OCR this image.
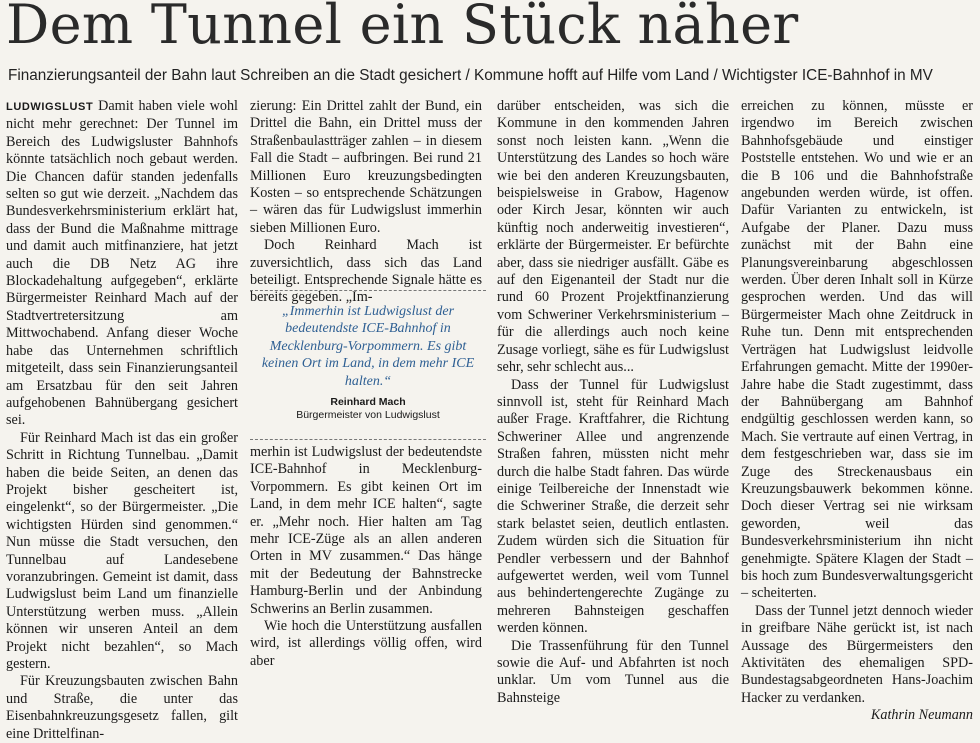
Dem Tunnel ein Stück näher
Finanzierungsanteil der Bahn laut Schreiben an die Stadt gesichert / Kommune hofft auf Hilfe vom Land / Wichtigster ICE-Bahnhof in MV

LUDWIGSLUST Damit haben viele wohl nicht mehr gerechnet: Der Tunnel im Bereich des Ludwigsluster Bahnhofs könnte tatsächlich noch gebaut werden. Die Chancen dafür standen jedenfalls selten so gut wie derzeit. „Nachdem das Bundesverkehrsministerium erklärt hat, dass der Bund die Maßnahme mittrage und damit auch mitfinanziere, hat jetzt auch die DB Netz AG ihre Blockadehaltung aufgegeben“, erklärte Bürgermeister Reinhard Mach auf der Stadtvertretersitzung am Mittwochabend. Anfang dieser Woche habe das Unternehmen schriftlich mitgeteilt, dass sein Finanzierungsanteil am Ersatzbau für den seit Jahren aufgehobenen Bahnübergang gesichert sei.

Für Reinhard Mach ist das ein großer Schritt in Richtung Tunnelbau. „Damit haben die beide Seiten, an denen das Projekt bisher gescheitert ist, eingelenkt“, so der Bürgermeister. „Die wichtigsten Hürden sind genommen.“ Nun müsse die Stadt versuchen, den Tunnelbau auf Landesebene voranzubringen. Gemeint ist damit, dass Ludwigslust beim Land um finanzielle Unterstützung werben muss. „Allein können wir unseren Anteil an dem Projekt nicht bezahlen“, so Mach gestern.

Für Kreuzungsbauten zwischen Bahn und Straße, die unter das Eisenbahnkreuzungsgesetz fallen, gilt eine Drittelfinan-

zierung: Ein Drittel zahlt der Bund, ein Drittel die Bahn, ein Drittel muss der Straßenbaulastträger zahlen – in diesem Fall die Stadt – aufbringen. Bei rund 21 Millionen Euro kreuzungsbedingten Kosten – so entsprechende Schätzungen – wären das für Ludwigslust immerhin sieben Millionen Euro.

Doch Reinhard Mach ist zuversichtlich, dass sich das Land beteiligt. Entsprechende Signale hätte es bereits gegeben. „Im-

„Immerhin ist Ludwigslust der bedeutendste ICE-Bahnhof in Mecklenburg-Vorpommern. Es gibt keinen Ort im Land, in dem mehr ICE halten.“
Reinhard Mach
Bürgermeister von Ludwigslust

merhin ist Ludwigslust der bedeutendste ICE-Bahnhof in Mecklenburg-Vorpommern. Es gibt keinen Ort im Land, in dem mehr ICE halten“, sagte er. „Mehr noch. Hier halten am Tag mehr ICE-Züge als an allen anderen Orten in MV zusammen.“ Das hänge mit der Bedeutung der Bahnstrecke Hamburg-Berlin und der Anbindung Schwerins an Berlin zusammen.

Wie hoch die Unterstützung ausfallen wird, ist allerdings völlig offen, wird aber

darüber entscheiden, was sich die Kommune in den kommenden Jahren sonst noch leisten kann. „Wenn die Unterstützung des Landes so hoch wäre wie bei den anderen Kreuzungsbauten, beispielsweise in Grabow, Hagenow oder Kirch Jesar, könnten wir auch künftig noch anderweitig investieren“, erklärte der Bürgermeister. Er befürchte aber, dass sie niedriger ausfällt. Gäbe es auf den Eigenanteil der Stadt nur die rund 60 Prozent Projektfinanzierung vom Schweriner Verkehrsministerium – für die allerdings auch noch keine Zusage vorliegt, sähe es für Ludwigslust sehr, sehr schlecht aus...

Dass der Tunnel für Ludwigslust sinnvoll ist, steht für Reinhard Mach außer Frage. Kraftfahrer, die Richtung Schweriner Allee und angrenzende Straßen fahren, müssten nicht mehr durch die halbe Stadt fahren. Das würde einige Teilbereiche der Innenstadt wie die Schweriner Straße, die derzeit sehr stark belastet seien, deutlich entlasten. Zudem würden sich die Situation für Pendler verbessern und der Bahnhof aufgewertet werden, weil vom Tunnel aus behindertengerechte Zugänge zu mehreren Bahnsteigen geschaffen werden können.

Die Trassenführung für den Tunnel sowie die Auf- und Abfahrten ist noch unklar. Um vom Tunnel aus die Bahnsteige

erreichen zu können, müsste er irgendwo im Bereich zwischen Bahnhofsgebäude und einstiger Poststelle entstehen. Wo und wie er an die B 106 und die Bahnhofstraße angebunden werden würde, ist offen. Dafür Varianten zu entwickeln, ist Aufgabe der Planer. Dazu muss zunächst mit der Bahn eine Planungsvereinbarung abgeschlossen werden. Über deren Inhalt soll in Kürze gesprochen werden. Und das will Bürgermeister Mach ohne Zeitdruck in Ruhe tun. Denn mit entsprechenden Verträgen hat Ludwigslust leidvolle Erfahrungen gemacht. Mitte der 1990er-Jahre habe die Stadt zugestimmt, dass der Bahnübergang am Bahnhof endgültig geschlossen werden kann, so Mach. Sie vertraute auf einen Vertrag, in dem festgeschrieben war, dass sie im Zuge des Streckenausbaus ein Kreuzungsbauwerk bekommen könne. Doch dieser Vertrag sei nie wirksam geworden, weil das Bundesverkehrsministerium ihn nicht genehmigte. Spätere Klagen der Stadt – bis hoch zum Bundesverwaltungsgericht – scheiterten.

Dass der Tunnel jetzt dennoch wieder in greifbare Nähe gerückt ist, ist nach Aussage des Bürgermeisters den Aktivitäten des ehemaligen SPD-Bundestagsabgeordneten Hans-Joachim Hacker zu verdanken.
Kathrin Neumann
